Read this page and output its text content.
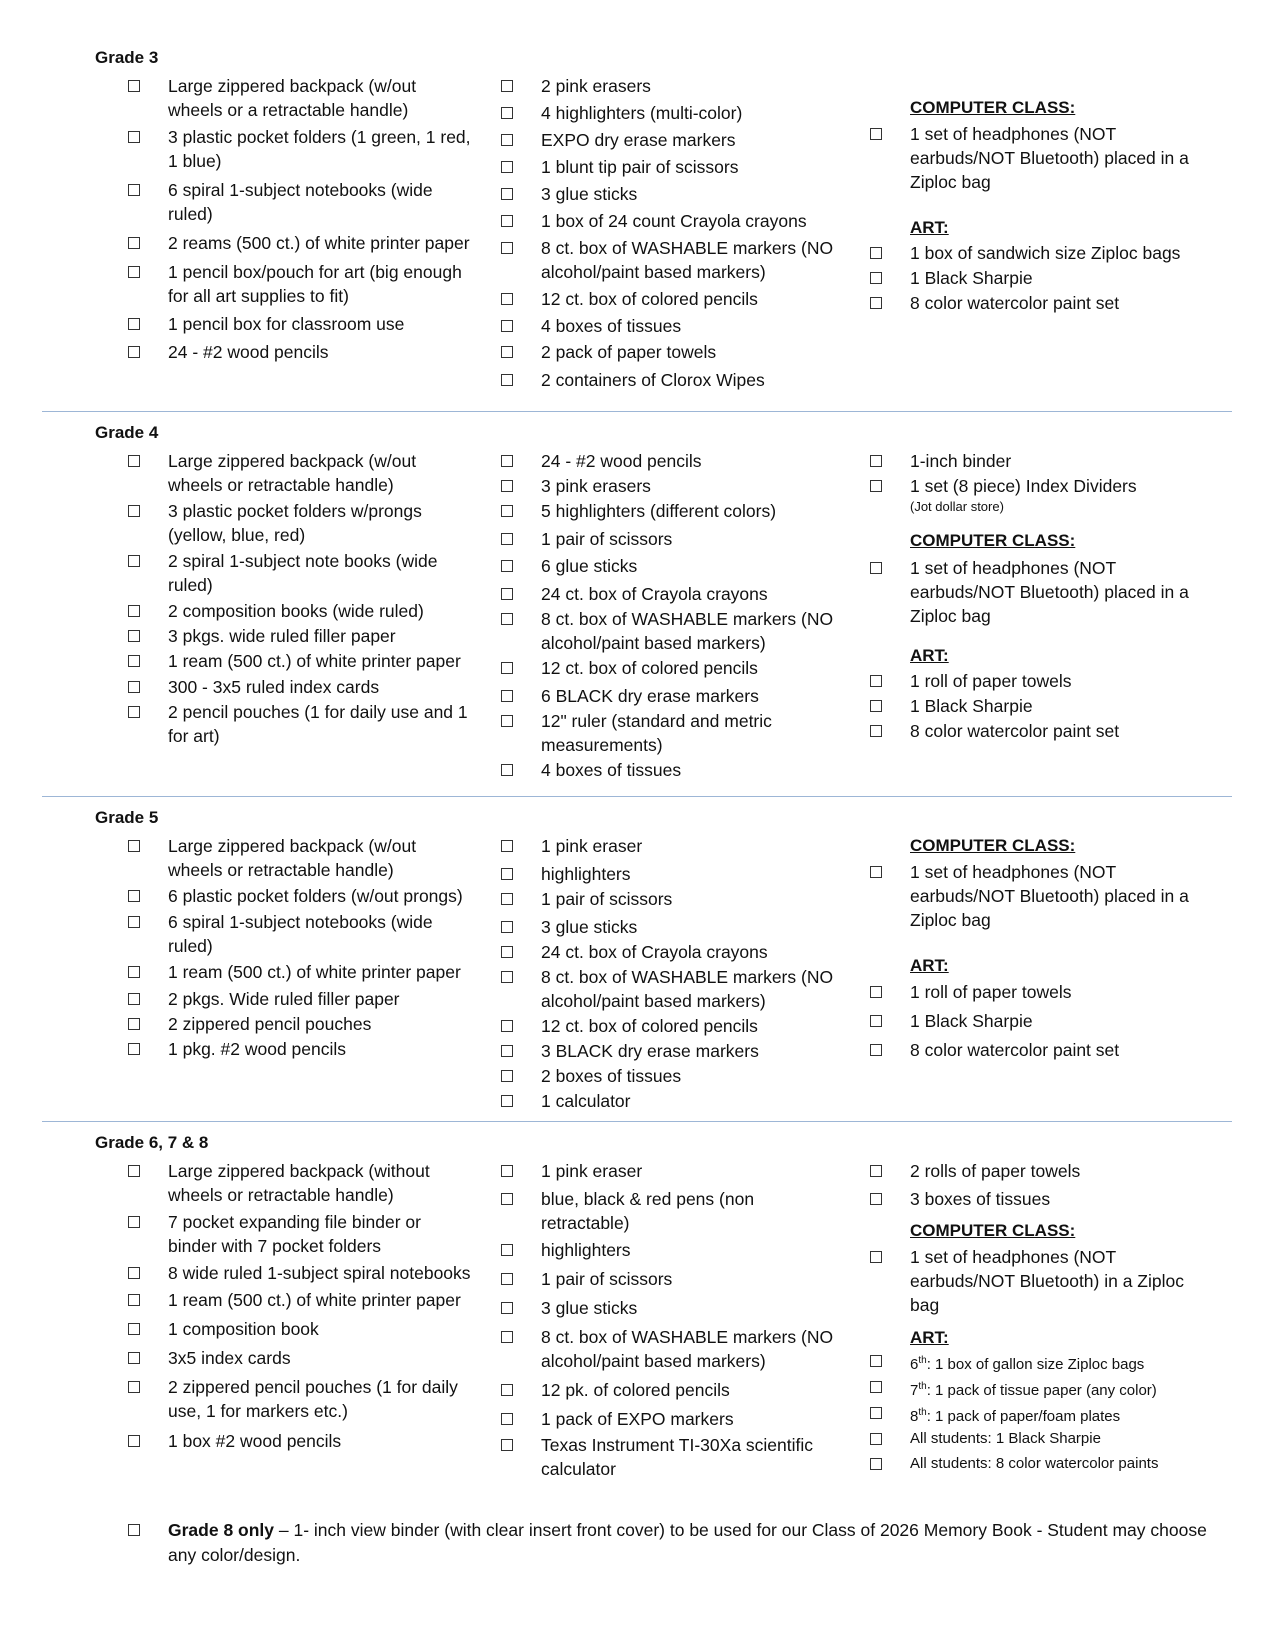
Grade 3
Large zippered backpack (w/out wheels or a retractable handle)
3 plastic pocket folders (1 green, 1 red, 1 blue)
6 spiral 1-subject notebooks (wide ruled)
2 reams (500 ct.) of white printer paper
1 pencil box/pouch for art (big enough for all art supplies to fit)
1 pencil box for classroom use
24 - #2 wood pencils
2 pink erasers
4 highlighters (multi-color)
EXPO dry erase markers
1 blunt tip pair of scissors
3 glue sticks
1 box of 24 count Crayola crayons
8 ct. box of WASHABLE markers (NO alcohol/paint based markers)
12 ct. box of colored pencils
4 boxes of tissues
2 pack of paper towels
2 containers of Clorox Wipes
COMPUTER CLASS:
1 set of headphones (NOT earbuds/NOT Bluetooth) placed in a Ziploc bag
ART:
1 box of sandwich size Ziploc bags
1 Black Sharpie
8 color watercolor paint set
Grade 4
Large zippered backpack (w/out wheels or retractable handle)
3 plastic pocket folders w/prongs (yellow, blue, red)
2 spiral 1-subject note books (wide ruled)
2 composition books (wide ruled)
3 pkgs. wide ruled filler paper
1 ream (500 ct.) of white printer paper
300 - 3x5 ruled index cards
2 pencil pouches (1 for daily use and 1 for art)
24 - #2 wood pencils
3 pink erasers
5 highlighters (different colors)
1 pair of scissors
6 glue sticks
24 ct. box of Crayola crayons
8 ct. box of WASHABLE markers (NO alcohol/paint based markers)
12 ct. box of colored pencils
6 BLACK dry erase markers
12" ruler (standard and metric measurements)
4 boxes of tissues
1-inch binder
1 set (8 piece) Index Dividers
(Jot dollar store)
COMPUTER CLASS:
1 set of headphones (NOT earbuds/NOT Bluetooth) placed in a Ziploc bag
ART:
1 roll of paper towels
1 Black Sharpie
8 color watercolor paint set
Grade 5
Large zippered backpack (w/out wheels or retractable handle)
6 plastic pocket folders (w/out prongs)
6 spiral 1-subject notebooks (wide ruled)
1 ream (500 ct.) of white printer paper
2 pkgs. Wide ruled filler paper
2 zippered pencil pouches
1 pkg. #2 wood pencils
1 pink eraser
highlighters
1 pair of scissors
3 glue sticks
24 ct. box of Crayola crayons
8 ct. box of WASHABLE markers (NO alcohol/paint based markers)
12 ct. box of colored pencils
3 BLACK dry erase markers
2 boxes of tissues
1 calculator
COMPUTER CLASS:
1 set of headphones (NOT earbuds/NOT Bluetooth) placed in a Ziploc bag
ART:
1 roll of paper towels
1 Black Sharpie
8 color watercolor paint set
Grade 6, 7 & 8
Large zippered backpack (without wheels or retractable handle)
7 pocket expanding file binder or binder with 7 pocket folders
8 wide ruled 1-subject spiral notebooks
1 ream (500 ct.) of white printer paper
1 composition book
3x5 index cards
2 zippered pencil pouches (1 for daily use, 1 for markers etc.)
1 box #2 wood pencils
1 pink eraser
blue, black & red pens (non retractable)
highlighters
1 pair of scissors
3 glue sticks
8 ct. box of WASHABLE markers (NO alcohol/paint based markers)
12 pk. of colored pencils
1 pack of EXPO markers
Texas Instrument TI-30Xa scientific calculator
2 rolls of paper towels
3 boxes of tissues
COMPUTER CLASS:
1 set of headphones (NOT earbuds/NOT Bluetooth) in a Ziploc bag
ART:
6th: 1 box of gallon size Ziploc bags
7th: 1 pack of tissue paper (any color)
8th: 1 pack of paper/foam plates
All students: 1 Black Sharpie
All students: 8 color watercolor paints
Grade 8 only – 1- inch view binder (with clear insert front cover) to be used for our Class of 2026 Memory Book - Student may choose any color/design.
